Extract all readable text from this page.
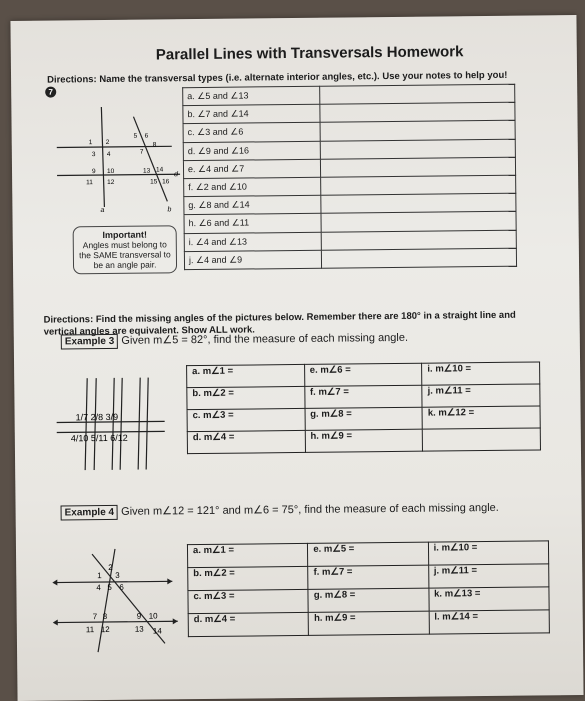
Parallel Lines with Transversals Homework
Directions: Name the transversal types (i.e. alternate interior angles, etc.). Use your notes to help you!
7
1 2
3 4
5 6
7
8
9 10
11 12
13 14
15 16
a	b
d
a. ∠5 and ∠13	
b. ∠7 and ∠14	
c. ∠3 and ∠6	
d. ∠9 and ∠16	
e. ∠4 and ∠7	
f. ∠2 and ∠10	
g. ∠8 and ∠14	
h. ∠6 and ∠11	
i. ∠4 and ∠13	
j. ∠4 and ∠9	
Important!
Angles must belong to the SAME transversal to be an angle pair.
Directions: Find the missing angles of the pictures below. Remember there are 180° in a straight line and vertical angles are equivalent. Show ALL work.
Example 3 Given m∠5 = 82°, find the measure of each missing angle.
1/7 2/8 3/9
4/10 5/11 6/12
a. m∠1 =	e. m∠6 =	i. m∠10 =
b. m∠2 =	f. m∠7 =	j. m∠11 =
c. m∠3 =	g. m∠8 =	k. m∠12 =
d. m∠4 =	h. m∠9 =	
Example 4 Given m∠12 = 121° and m∠6 = 75°, find the measure of each missing angle.
1
2
3
4 5 6
7 8	9 10
11 12	13 14
a. m∠1 =	e. m∠5 =	i. m∠10 =
b. m∠2 =	f. m∠7 =	j. m∠11 =
c. m∠3 =	g. m∠8 =	k. m∠13 =
d. m∠4 =	h. m∠9 =	l. m∠14 =
